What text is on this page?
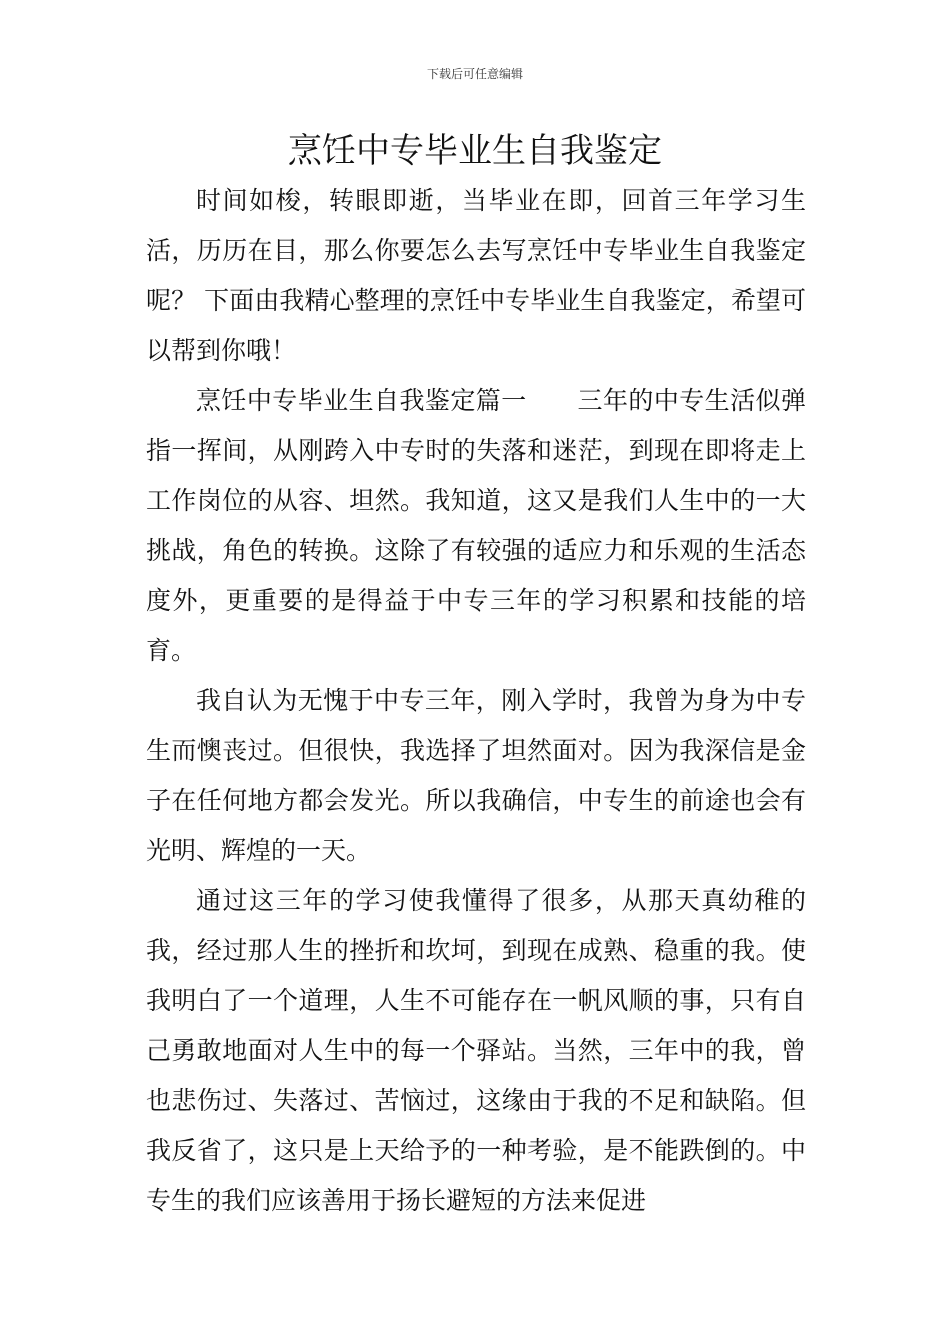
下载后可任意编辑
烹饪中专毕业生自我鉴定

时间如梭，转眼即逝，当毕业在即，回首三年学习生活，历历在目，那么你要怎么去写烹饪中专毕业生自我鉴定呢？ 下面由我精心整理的烹饪中专毕业生自我鉴定，希望可以帮到你哦！

烹饪中专毕业生自我鉴定篇一　　三年的中专生活似弹指一挥间，从刚跨入中专时的失落和迷茫，到现在即将走上工作岗位的从容、坦然。我知道，这又是我们人生中的一大挑战，角色的转换。这除了有较强的适应力和乐观的生活态度外，更重要的是得益于中专三年的学习积累和技能的培育。

我自认为无愧于中专三年，刚入学时，我曾为身为中专生而懊丧过。但很快，我选择了坦然面对。因为我深信是金子在任何地方都会发光。所以我确信，中专生的前途也会有光明、辉煌的一天。

通过这三年的学习使我懂得了很多，从那天真幼稚的我，经过那人生的挫折和坎坷，到现在成熟、稳重的我。使我明白了一个道理，人生不可能存在一帆风顺的事，只有自己勇敢地面对人生中的每一个驿站。当然，三年中的我，曾也悲伤过、失落过、苦恼过，这缘由于我的不足和缺陷。但我反省了，这只是上天给予的一种考验，是不能跌倒的。中专生的我们应该善用于扬长避短的方法来促进
